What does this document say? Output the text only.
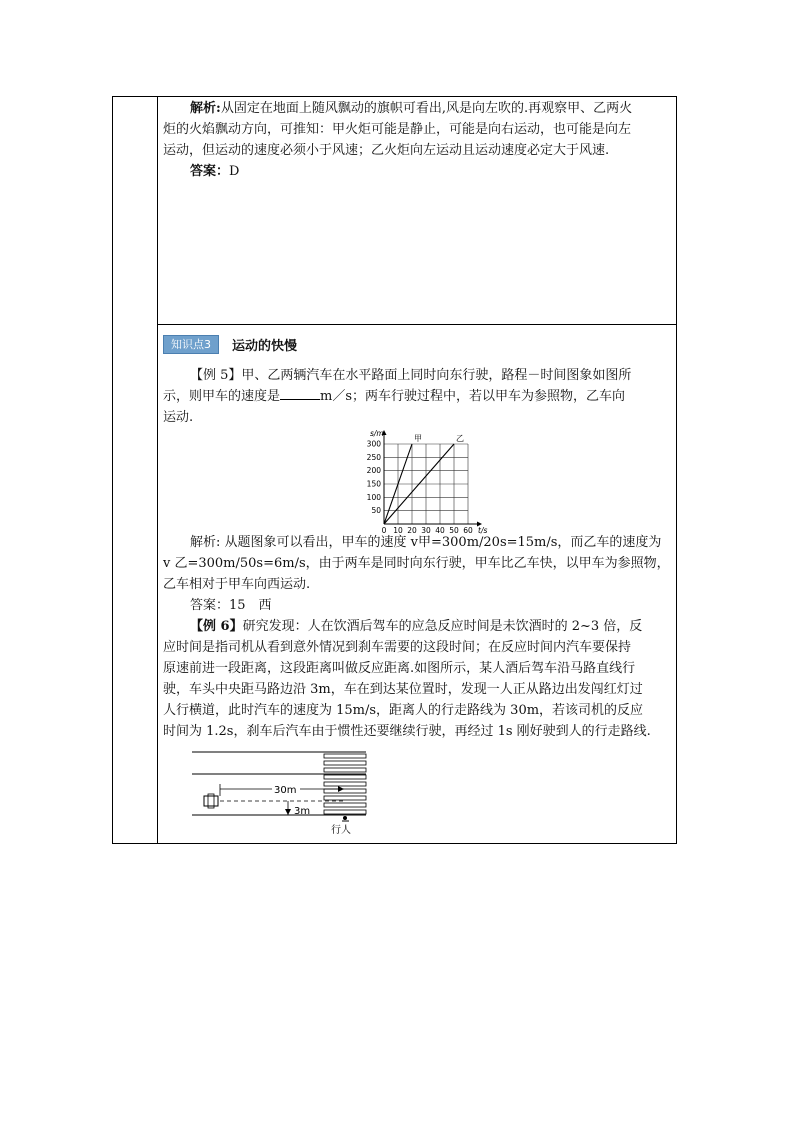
解析:从固定在地面上随风飘动的旗帜可看出,风是向左吹的.再观察甲、乙两火
炬的火焰飘动方向，可推知：甲火炬可能是静止，可能是向右运动，也可能是向左
运动，但运动的速度必须小于风速；乙火炬向左运动且运动速度必定大于风速.
答案：D
知识点3	运动的快慢
【例 5】甲、乙两辆汽车在水平路面上同时向东行驶，路程－时间图象如图所
示，则甲车的速度是	m／s；两车行驶过程中，若以甲车为参照物，乙车向
运动.
0 10 20 30 40 50 60
50
100
150
200
250
300
t/s
s/m
甲	乙
解析: 从题图象可以看出，甲车的速度 v甲=300m/20s=15m/s，而乙车的速度为
v 乙=300m/50s=6m/s，由于两车是同时向东行驶，甲车比乙车快，以甲车为参照物，
乙车相对于甲车向西运动.
答案：15　西
【例 6】研究发现：人在饮酒后驾车的应急反应时间是未饮酒时的 2~3 倍，反
应时间是指司机从看到意外情况到刹车需要的这段时间；在反应时间内汽车要保持
原速前进一段距离，这段距离叫做反应距离.如图所示，某人酒后驾车沿马路直线行
驶，车头中央距马路边沿 3m，车在到达某位置时，发现一人正从路边出发闯红灯过
人行横道，此时汽车的速度为 15m/s，距离人的行走路线为 30m，若该司机的反应
时间为 1.2s，刹车后汽车由于惯性还要继续行驶，再经过 1s 刚好驶到人的行走路线.
30m
3m
行人
